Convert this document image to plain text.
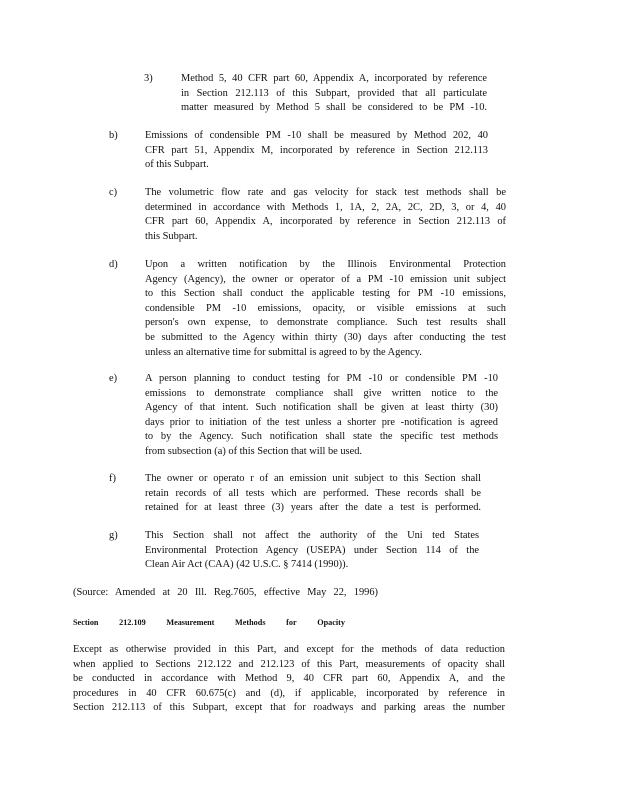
3)	Method 5, 40 CFR part 60, Appendix A, incorporated by reference
in Section 212.113 of this Subpart, provided that all particulate
matter measured by Method 5 shall be considered to be PM -10.
b)	Emissions of condensible PM -10 shall be measured by Method 202, 40
CFR part 51, Appendix M, incorporated by reference in Section 212.113
of this Subpart.
c)	The volumetric flow rate and gas velocity for stack test methods shall be
determined in accordance with Methods 1, 1A, 2, 2A, 2C, 2D, 3, or 4, 40
CFR part 60, Appendix A, incorporated by reference in Section 212.113 of
this Subpart.
d)	Upon a written notification by the Illinois Environmental Protection
Agency (Agency), the owner or operator of a PM -10 emission unit subject
to this Section shall conduct the applicable testing for PM -10 emissions,
condensible PM -10 emissions, opacity, or visible emissions at such
person's own expense, to demonstrate compliance. Such test results shall
be submitted to the Agency within thirty (30) days after conducting the test
unless an alternative time for submittal is agreed to by the Agency.
e)	A person planning to conduct testing for PM -10 or condensible PM -10
emissions to demonstrate compliance shall give written notice to the
Agency of that intent. Such notification shall be given at least thirty (30)
days prior to initiation of the test unless a shorter pre -notification is agreed
to by the Agency. Such notification shall state the specific test methods
from subsection (a) of this Section that will be used.
f)	The owner or operato r of an emission unit subject to this Section shall
retain records of all tests which are performed. These records shall be
retained for at least three (3) years after the date a test is performed.
g)	This Section shall not affect the authority of the Uni ted States
Environmental Protection Agency (USEPA) under Section 114 of the
Clean Air Act (CAA) (42 U.S.C. § 7414 (1990)).
(Source: Amended at 20 Ill. Reg.7605, effective May 22, 1996)
Section	212.109	Measurement	Methods	for	Opacity
Except as otherwise provided in this Part, and except for the methods of data reduction
when applied to Sections 212.122 and 212.123 of this Part, measurements of opacity shall
be conducted in accordance with Method 9, 40 CFR part 60, Appendix A, and the
procedures in 40 CFR 60.675(c) and (d), if applicable, incorporated by reference in
Section 212.113 of this Subpart, except that for roadways and parking areas the number
